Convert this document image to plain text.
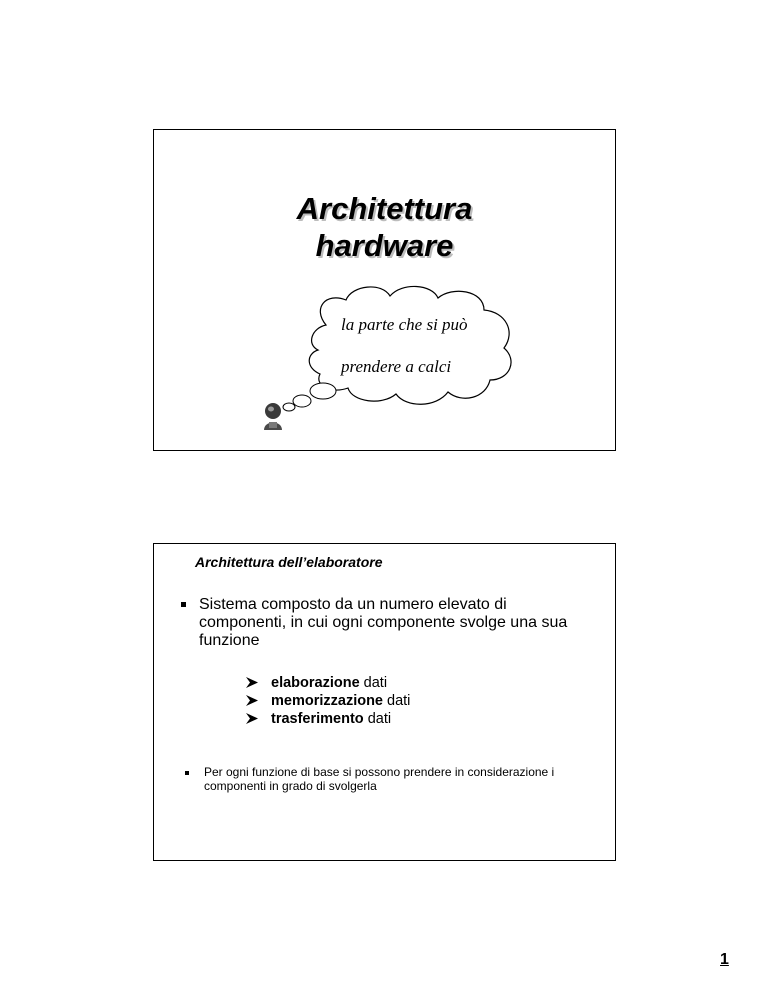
Architettura
hardware
la parte che si può
prendere a calci
Architettura dell’elaboratore
Sistema composto da un numero elevato di componenti, in cui ogni componente svolge una sua funzione
elaborazione dati
memorizzazione dati
trasferimento dati
Per ogni funzione di base si possono prendere in considerazione i componenti in grado di svolgerla
1
